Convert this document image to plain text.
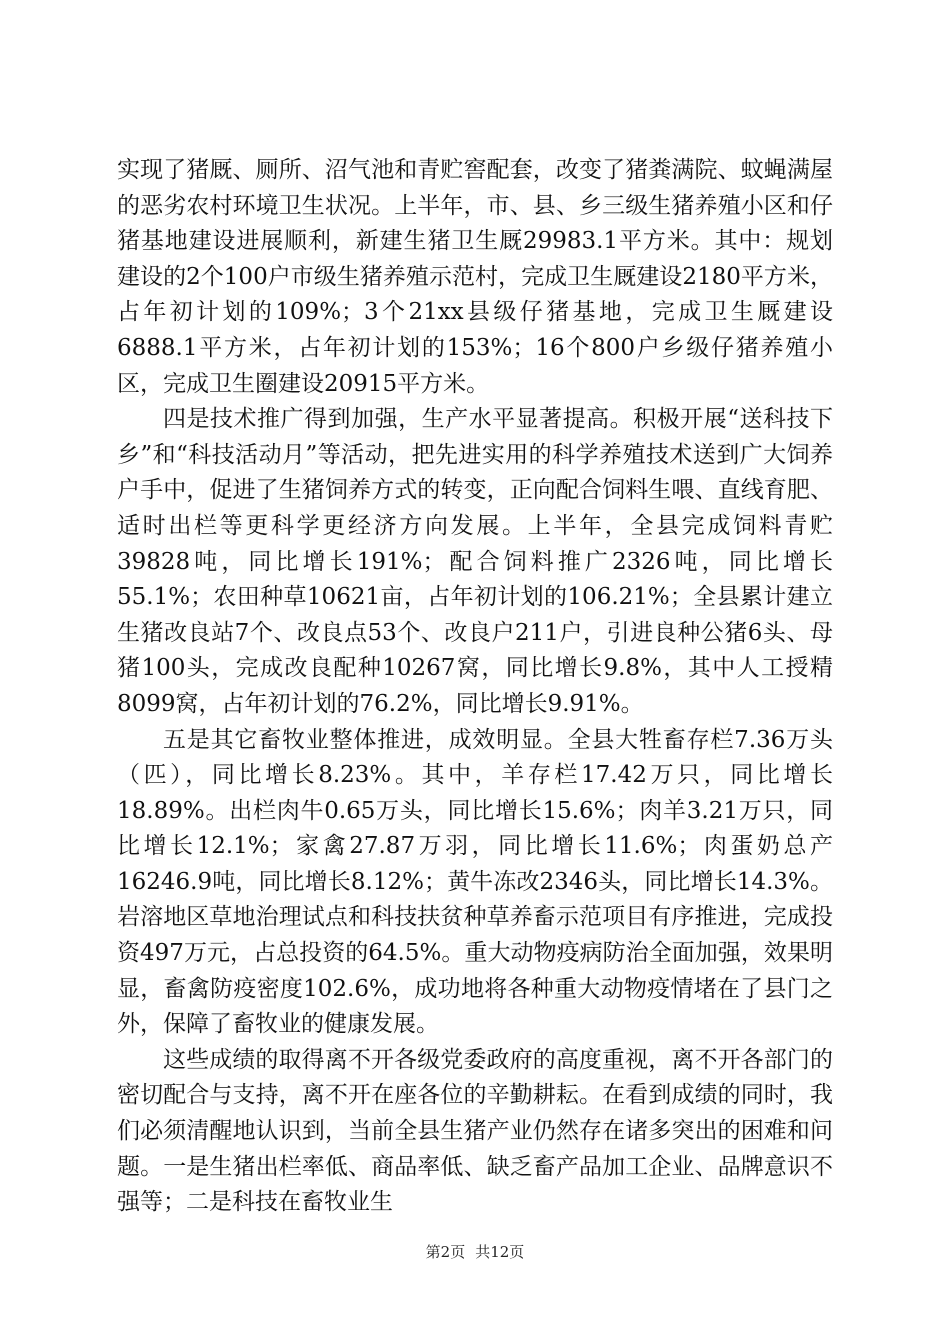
实现了猪厩、厕所、沼气池和青贮窖配套，改变了猪粪满院、蚊蝇满屋的恶劣农村环境卫生状况。上半年，市、县、乡三级生猪养殖小区和仔猪基地建设进展顺利，新建生猪卫生厩29983.1平方米。其中：规划建设的2个100户市级生猪养殖示范村，完成卫生厩建设2180平方米，占年初计划的109%；3个21xx县级仔猪基地，完成卫生厩建设6888.1平方米，占年初计划的153%；16个800户乡级仔猪养殖小区，完成卫生圈建设20915平方米。

四是技术推广得到加强，生产水平显著提高。积极开展“送科技下乡”和“科技活动月”等活动，把先进实用的科学养殖技术送到广大饲养户手中，促进了生猪饲养方式的转变，正向配合饲料生喂、直线育肥、适时出栏等更科学更经济方向发展。上半年，全县完成饲料青贮39828吨，同比增长191%；配合饲料推广2326吨，同比增长55.1%；农田种草10621亩，占年初计划的106.21%；全县累计建立生猪改良站7个、改良点53个、改良户211户，引进良种公猪6头、母猪100头，完成改良配种10267窝，同比增长9.8%，其中人工授精8099窝，占年初计划的76.2%，同比增长9.91%。

五是其它畜牧业整体推进，成效明显。全县大牲畜存栏7.36万头（匹），同比增长8.23%。其中，羊存栏17.42万只，同比增长18.89%。出栏肉牛0.65万头，同比增长15.6%；肉羊3.21万只，同比增长12.1%；家禽27.87万羽，同比增长11.6%；肉蛋奶总产16246.9吨，同比增长8.12%；黄牛冻改2346头，同比增长14.3%。岩溶地区草地治理试点和科技扶贫种草养畜示范项目有序推进，完成投资497万元，占总投资的64.5%。重大动物疫病防治全面加强，效果明显，畜禽防疫密度102.6%，成功地将各种重大动物疫情堵在了县门之外，保障了畜牧业的健康发展。

这些成绩的取得离不开各级党委政府的高度重视，离不开各部门的密切配合与支持，离不开在座各位的辛勤耕耘。在看到成绩的同时，我们必须清醒地认识到，当前全县生猪产业仍然存在诸多突出的困难和问题。一是生猪出栏率低、商品率低、缺乏畜产品加工企业、品牌意识不强等；二是科技在畜牧业生

第2页 共12页
